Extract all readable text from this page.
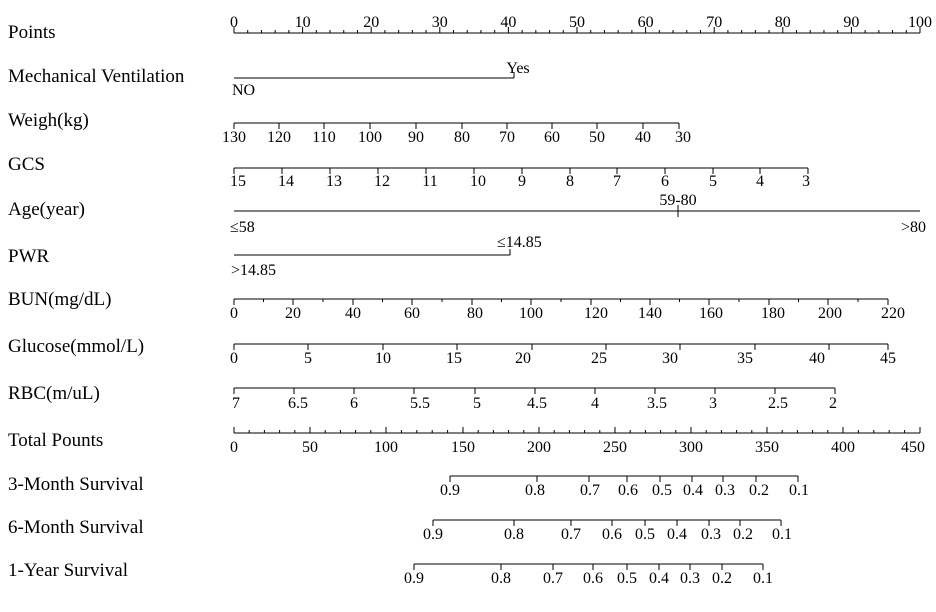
Points	0	10	20	30	40	50	60	70	80	90	100
Mechanical Ventilation
NO
Yes
Weigh(kg)
130 120 110 100 90 80 70 60 50 40 30
GCS
15 14 13 12 11 10 9	8 7	6	5 4 3
Age(year)
≤58
59-80
>80
PWR
>14.85
≤14.85
BUN(mg/dL)
0	20	40	60	80 100	120 140 160 180 200 220
Glucose(mmol/L)
0	5	10	15	20	25	30	35	40	45
RBC(m/uL)	7	6.5	6	5.5	5	4.5	4	3.5	3	2.5	2
Total Pounts	0	50	100	150	200	250	300	350	400	450
3-Month Survival	0.9	0.8 0.7 0.6 0.5 0.4 0.3 0.2 0.1
6-Month Survival	0.9	0.8 0.7 0.6 0.5 0.4 0.3 0.2 0.1
1-Year Survival	0.9	0.8 0.7 0.6 0.5 0.4 0.3 0.2 0.1
